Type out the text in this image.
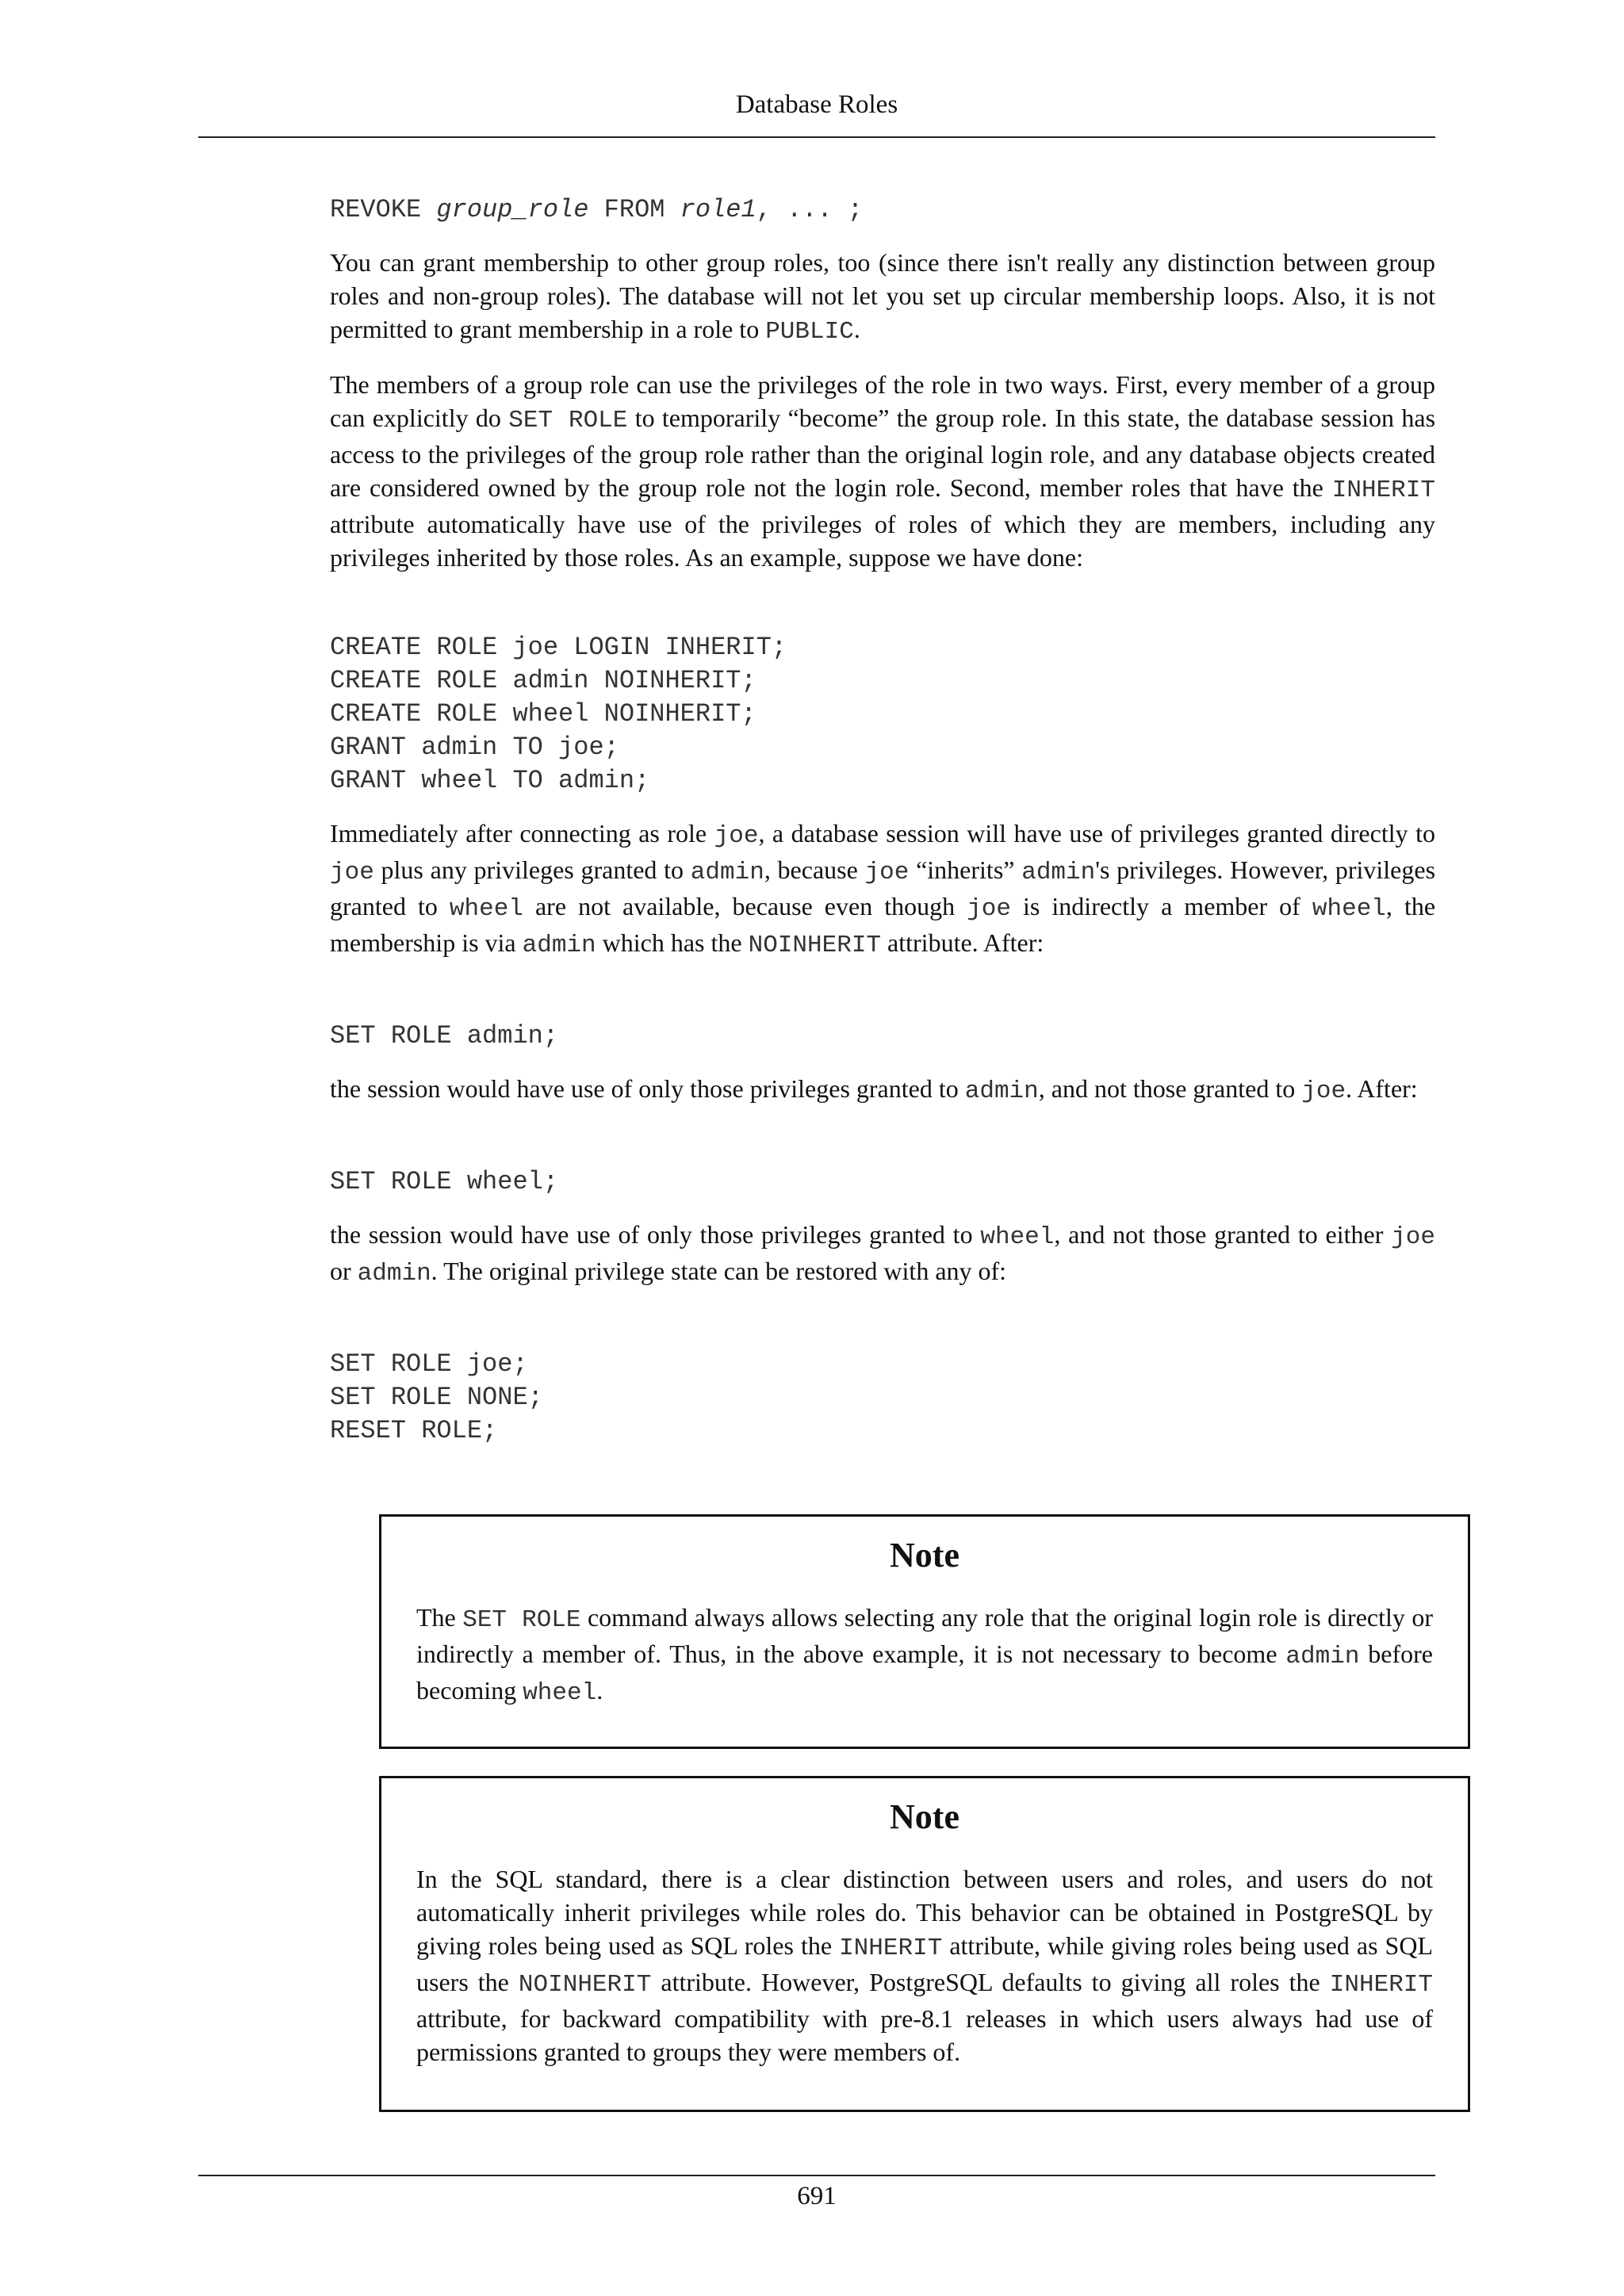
Database Roles
REVOKE group_role FROM role1, ... ;

You can grant membership to other group roles, too (since there isn't really any distinction between group roles and non-group roles). The database will not let you set up circular membership loops. Also, it is not permitted to grant membership in a role to PUBLIC.

The members of a group role can use the privileges of the role in two ways. First, every member of a group can explicitly do SET ROLE to temporarily “become” the group role. In this state, the database session has access to the privileges of the group role rather than the original login role, and any database objects created are considered owned by the group role not the login role. Second, member roles that have the INHERIT attribute automatically have use of the privileges of roles of which they are members, including any privileges inherited by those roles. As an example, suppose we have done:

CREATE ROLE joe LOGIN INHERIT;
CREATE ROLE admin NOINHERIT;
CREATE ROLE wheel NOINHERIT;
GRANT admin TO joe;
GRANT wheel TO admin;

Immediately after connecting as role joe, a database session will have use of privileges granted directly to joe plus any privileges granted to admin, because joe “inherits” admin's privileges. However, privileges granted to wheel are not available, because even though joe is indirectly a member of wheel, the membership is via admin which has the NOINHERIT attribute. After:

SET ROLE admin;

the session would have use of only those privileges granted to admin, and not those granted to joe. After:

SET ROLE wheel;

the session would have use of only those privileges granted to wheel, and not those granted to either joe or admin. The original privilege state can be restored with any of:

SET ROLE joe;
SET ROLE NONE;
RESET ROLE;
Note

The SET ROLE command always allows selecting any role that the original login role is directly or indirectly a member of. Thus, in the above example, it is not necessary to become admin before becoming wheel.

Note

In the SQL standard, there is a clear distinction between users and roles, and users do not automatically inherit privileges while roles do. This behavior can be obtained in PostgreSQL by giving roles being used as SQL roles the INHERIT attribute, while giving roles being used as SQL users the NOINHERIT attribute. However, PostgreSQL defaults to giving all roles the INHERIT attribute, for backward compatibility with pre-8.1 releases in which users always had use of permissions granted to groups they were members of.

691
